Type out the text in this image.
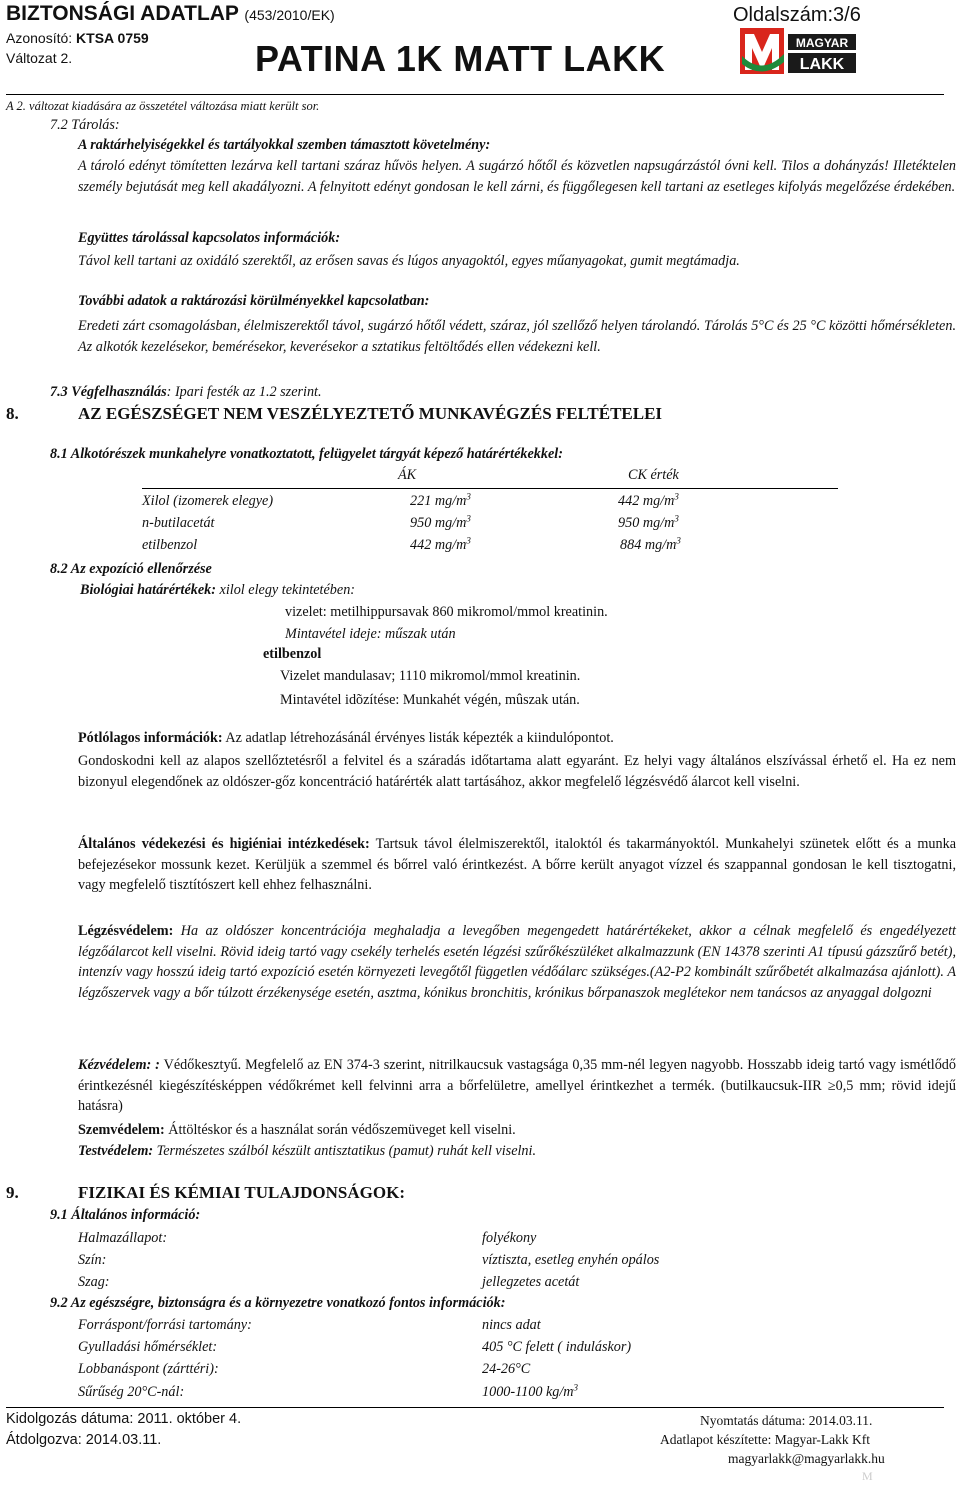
BIZTONSÁGI ADATLAP (453/2010/EK)
Azonosító: KTSA 0759
Változat 2.
Oldalszám:3/6
PATINA 1K MATT LAKK	MAGYAR
LAKK
A 2. változat kiadására az összetétel változása miatt került sor.
7.2 Tárolás:
A raktárhelyiségekkel és tartályokkal szemben támasztott követelmény:
A tároló edényt tömítetten lezárva kell tartani száraz hűvös helyen. A sugárzó hőtől és közvetlen napsugárzástól óvni kell. Tilos a dohányzás! Illetéktelen személy bejutását meg kell akadályozni. A felnyitott edényt gondosan le kell zárni, és függőlegesen kell tartani az esetleges kifolyás megelőzése érdekében.
Együttes tárolással kapcsolatos információk:
Távol kell tartani az oxidáló szerektől, az erősen savas és lúgos anyagoktól, egyes műanyagokat, gumit megtámadja.
További adatok a raktározási körülményekkel kapcsolatban:
Eredeti zárt csomagolásban, élelmiszerektől távol, sugárzó hőtől védett, száraz, jól szellőző helyen tárolandó. Tárolás 5°C és 25 °C közötti hőmérsékleten. Az alkotók kezelésekor, bemérésekor, keverésekor a sztatikus feltöltődés ellen védekezni kell.
7.3 Végfelhasználás: Ipari festék az 1.2 szerint.
8.	AZ EGÉSZSÉGET NEM VESZÉLYEZTETŐ MUNKAVÉGZÉS FELTÉTELEI
8.1 Alkotórészek munkahelyre vonatkoztatott, felügyelet tárgyát képező határértékekkel:
ÁK	CK érték
Xilol (izomerek elegye)	221 $mg/m^3$	442 $mg/m^3$
n-butilacetát	950 $mg/m^3$	950 $mg/m^3$
etilbenzol	442 $mg/m^3$	884 $mg/m^3$
8.2 Az expozíció ellenőrzése
Biológiai határértékek: xilol elegy tekintetében:
vizelet: metilhippursavak 860 mikromol/mmol kreatinin.
Mintavétel ideje: műszak után
etilbenzol
Vizelet mandulasav; 1110 mikromol/mmol kreatinin.
Mintavétel idõzítése: Munkahét végén, mûszak után.
Pótlólagos információk: Az adatlap létrehozásánál érvényes listák képezték a kiindulópontot.
Gondoskodni kell az alapos szellőztetésről a felvitel és a száradás időtartama alatt egyaránt. Ez helyi vagy általános elszívással érhető el. Ha ez nem bizonyul elegendőnek az oldószer-gőz koncentráció határérték alatt tartásához, akkor megfelelő légzésvédő álarcot kell viselni.
Általános védekezési és higiéniai intézkedések: Tartsuk távol élelmiszerektől, italoktól és takarmányoktól. Munkahelyi szünetek előtt és a munka befejezésekor mossunk kezet. Kerüljük a szemmel és bőrrel való érintkezést. A bőrre került anyagot vízzel és szappannal gondosan le kell tisztogatni, vagy megfelelő tisztítószert kell ehhez felhasználni.
Légzésvédelem: Ha az oldószer koncentrációja meghaladja a levegőben megengedett határértékeket, akkor a célnak megfelelő és engedélyezett légzőálarcot kell viselni. Rövid ideig tartó vagy csekély terhelés esetén légzési szűrőkészüléket alkalmazzunk (EN 14378 szerinti A1 típusú gázszűrő betét), intenzív vagy hosszú ideig tartó expozíció esetén környezeti levegőtől független védőálarc szükséges.(A2-P2 kombinált szűrőbetét alkalmazása ajánlott). A légzőszervek vagy a bőr túlzott érzékenysége esetén, asztma, kónikus bronchitis, krónikus bőrpanaszok meglétekor nem tanácsos az anyaggal dolgozni
Kézvédelem: : Védőkesztyű. Megfelelő az EN 374-3 szerint, nitrilkaucsuk vastagsága 0,35 mm-nél legyen nagyobb. Hosszabb ideig tartó vagy ismétlődő érintkezésnél kiegészítésképpen védőkrémet kell felvinni arra a bőrfelületre, amellyel érintkezhet a termék. (butilkaucsuk-IIR ≥0,5 mm; rövid idejű hatásra)
Szemvédelem: Áttöltéskor és a használat során védőszemüveget kell viselni.
Testvédelem: Természetes szálból készült antisztatikus (pamut) ruhát kell viselni.
9.	FIZIKAI ÉS KÉMIAI TULAJDONSÁGOK:
9.1 Általános információ:
Halmazállapot:	folyékony
Szín:	víztiszta, esetleg enyhén opálos
Szag:	jellegzetes acetát
9.2 Az egészségre, biztonságra és a környezetre vonatkozó fontos információk:
Forráspont/forrási tartomány:	nincs adat
Gyulladási hőmérséklet:	405 °C felett ( induláskor)
Lobbanáspont (zárttéri):	24-26°C
Sűrűség 20°C-nál:	1000-1100 $kg/m^3$
Kidolgozás dátuma: 2011. október 4.
Átdolgozva: 2014.03.11.
Nyomtatás dátuma: 2014.03.11.
Adatlapot készítette: Magyar-Lakk Kft
magyarlakk@magyarlakk.hu
M
